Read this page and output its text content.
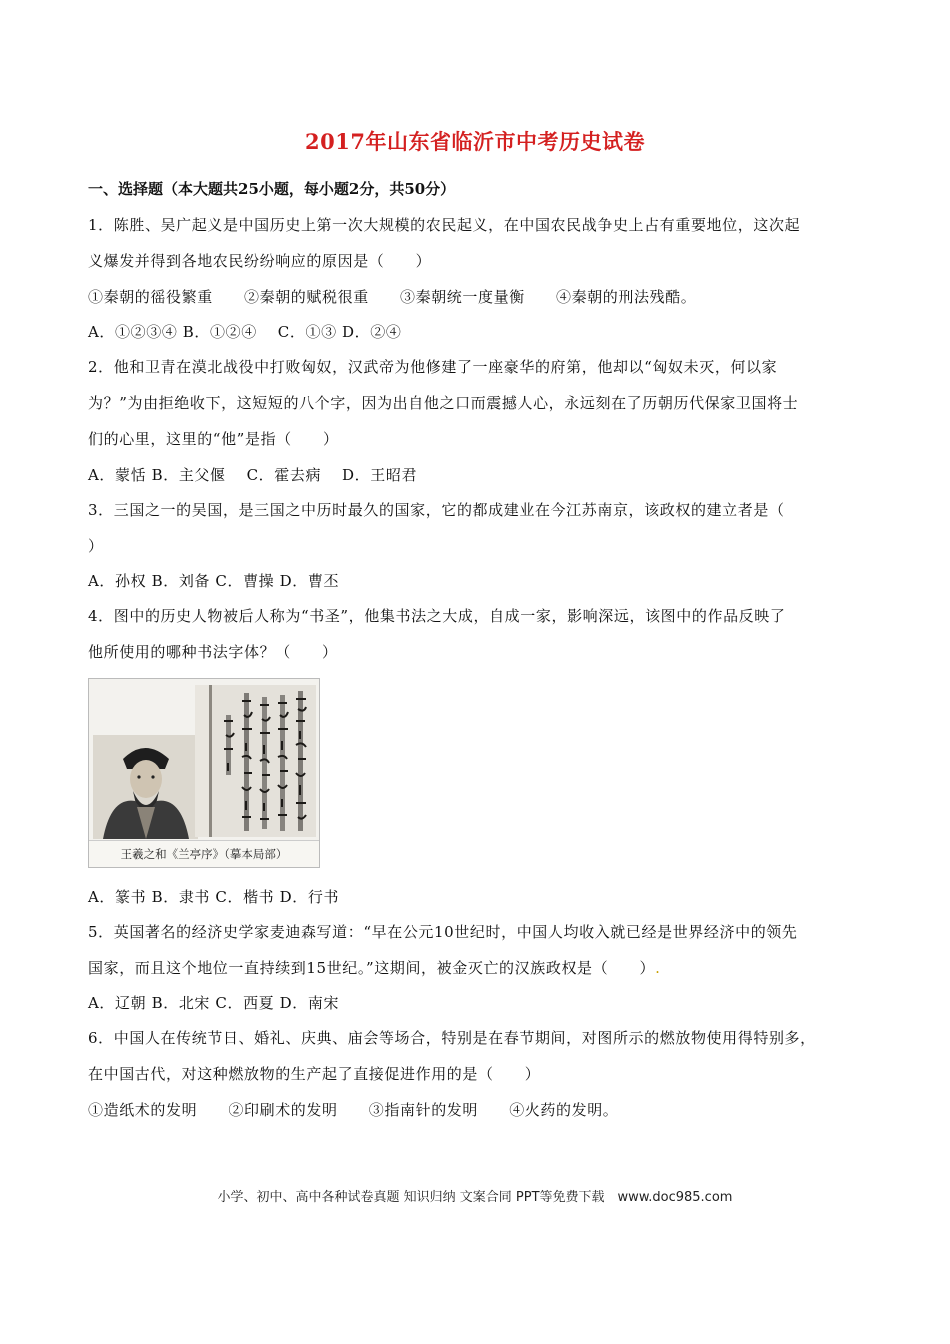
2017年山东省临沂市中考历史试卷
一、选择题（本大题共25小题，每小题2分，共50分）
1．陈胜、吴广起义是中国历史上第一次大规模的农民起义，在中国农民战争史上占有重要地位，这次起
义爆发并得到各地农民纷纷响应的原因是（　　）
①秦朝的徭役繁重　　②秦朝的赋税很重　　③秦朝统一度量衡　　④秦朝的刑法残酷。
A．①②③④ B．①②④　 C．①③ D．②④
2．他和卫青在漠北战役中打败匈奴，汉武帝为他修建了一座豪华的府第，他却以“匈奴未灭，何以家
为？”为由拒绝收下，这短短的八个字，因为出自他之口而震撼人心，永远刻在了历朝历代保家卫国将士
们的心里，这里的“他”是指（　　）
A．蒙恬 B．主父偃　 C．霍去病　 D．王昭君
3．三国之一的吴国，是三国之中历时最久的国家，它的都成建业在今江苏南京，该政权的建立者是（
）
A．孙权 B．刘备 C．曹操 D．曹丕
4．图中的历史人物被后人称为“书圣”，他集书法之大成，自成一家，影响深远，该图中的作品反映了
他所使用的哪种书法字体？（　　）
王羲之和《兰亭序》（摹本局部）
A．篆书 B．隶书 C．楷书 D．行书
5．英国著名的经济史学家麦迪森写道：“早在公元10世纪时，中国人均收入就已经是世界经济中的领先
国家，而且这个地位一直持续到15世纪。”这期间，被金灭亡的汉族政权是（　　）.
A．辽朝 B．北宋 C．西夏 D．南宋
6．中国人在传统节日、婚礼、庆典、庙会等场合，特别是在春节期间，对图所示的燃放物使用得特别多，
在中国古代，对这种燃放物的生产起了直接促进作用的是（　　）
①造纸术的发明　　②印刷术的发明　　③指南针的发明　　④火药的发明。
小学、初中、高中各种试卷真题 知识归纳 文案合同 PPT等免费下载　www.doc985.com
